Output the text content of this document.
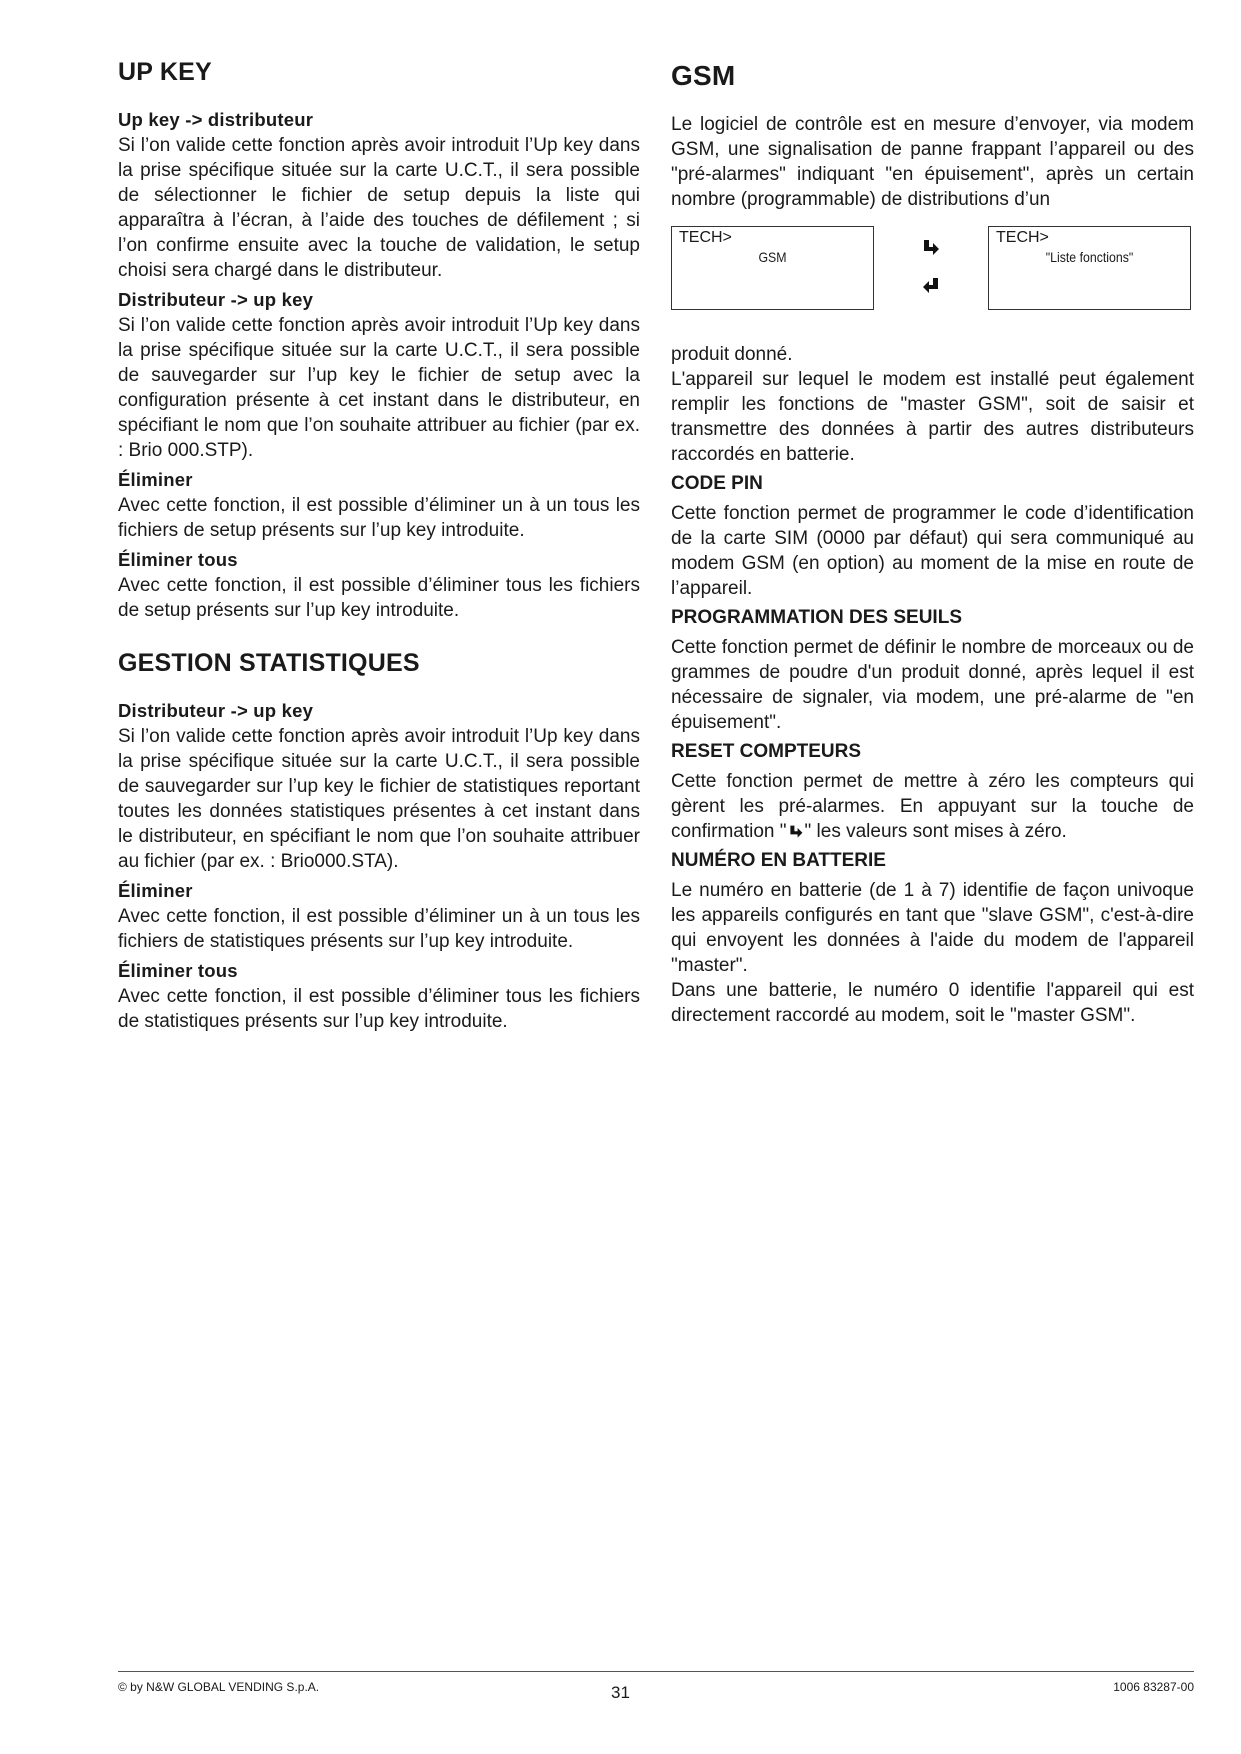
UP KEY
Up key -> distributeur

Si l’on valide cette fonction après avoir introduit l’Up key dans la prise spécifique située sur la carte U.C.T., il sera possible de sélectionner le fichier de setup depuis la liste qui apparaîtra à l’écran, à l’aide des touches de défilement ; si l’on confirme ensuite avec la touche de validation, le setup choisi sera chargé dans le distributeur.

Distributeur -> up key

Si l’on valide cette fonction après avoir introduit l’Up key dans la prise spécifique située sur la carte U.C.T., il sera possible de sauvegarder sur l’up key le fichier de setup avec la configuration présente à cet instant dans le distributeur, en spécifiant le nom que l’on souhaite attribuer au fichier (par ex. : Brio 000.STP).

Éliminer

Avec cette fonction, il est possible d’éliminer un à un tous les fichiers de setup présents sur l’up key introduite.

Éliminer tous

Avec cette fonction, il est possible d’éliminer tous les fichiers de setup présents sur l’up key introduite.

GESTION STATISTIQUES
Distributeur -> up key

Si l’on valide cette fonction après avoir introduit l’Up key dans la prise spécifique située sur la carte U.C.T., il sera possible de sauvegarder sur l’up key le fichier de statistiques reportant toutes les données statistiques présentes à cet instant dans le distributeur, en spécifiant le nom que l’on souhaite attribuer au fichier (par ex. : Brio000.STA).

Éliminer

Avec cette fonction, il est possible d’éliminer un à un tous les fichiers de statistiques présents sur l’up key introduite.

Éliminer tous

Avec cette fonction, il est possible d’éliminer tous les fichiers de statistiques présents sur l’up key introduite.

GSM

Le logiciel de contrôle est en mesure d’envoyer, via modem GSM, une signalisation de panne frappant l’appareil ou des "pré-alarmes" indiquant "en épuisement", après un certain nombre (programmable) de distributions d’un

TECH>
GSM
TECH>
"Liste fonctions"

produit donné.

L'appareil sur lequel le modem est installé peut également remplir les fonctions de "master GSM", soit de saisir et transmettre des données à partir des autres distributeurs raccordés en batterie.

CODE PIN

Cette fonction permet de programmer le code d’identification de la carte SIM (0000 par défaut) qui sera communiqué au modem GSM (en option) au moment de la mise en route de l’appareil.

PROGRAMMATION DES SEUILS

Cette fonction permet de définir le nombre de morceaux ou de grammes de poudre d'un produit donné, après lequel il est nécessaire de signaler, via modem, une pré-alarme de "en épuisement".

RESET COMPTEURS

Cette fonction permet de mettre à zéro les compteurs qui gèrent les pré-alarmes. En appuyant sur la touche de confirmation " " les valeurs sont mises à zéro.

NUMÉRO EN BATTERIE

Le numéro en batterie (de 1 à 7) identifie de façon univoque les appareils configurés en tant que "slave GSM", c'est-à-dire qui envoyent les données à l'aide du modem de l'appareil "master".

Dans une batterie, le numéro 0 identifie l'appareil qui est directement raccordé au modem, soit le "master GSM".

© by N&W GLOBAL VENDING S.p.A.	31	1006 83287-00
